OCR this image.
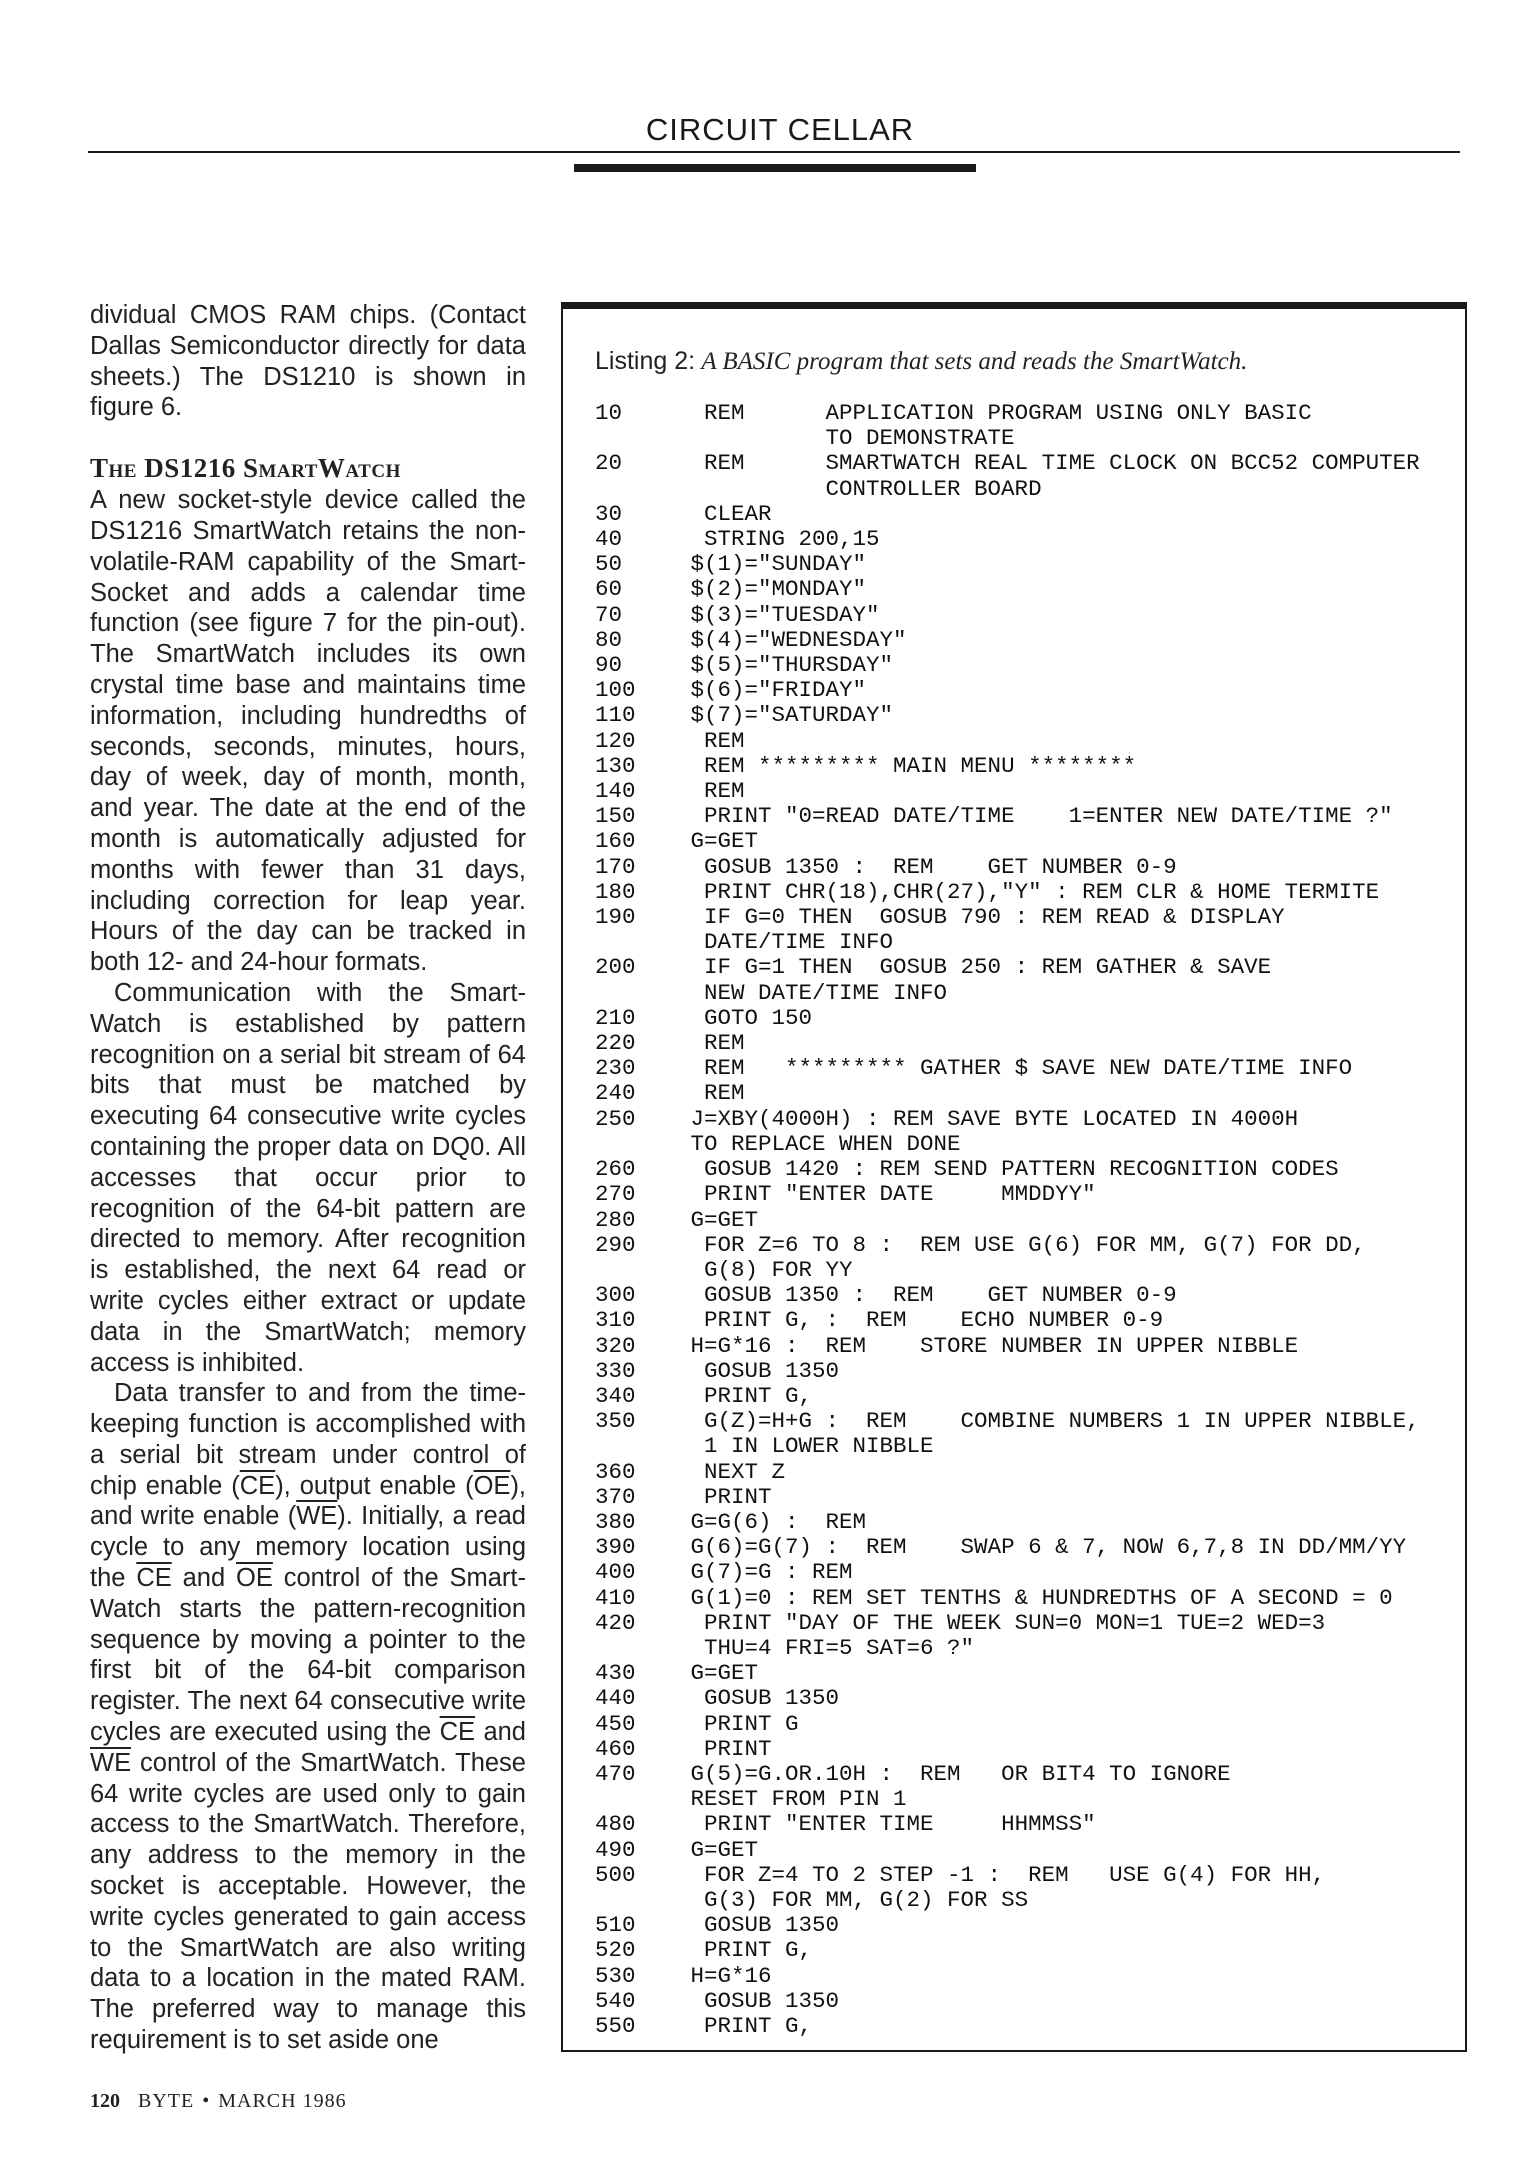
CIRCUIT CELLAR

dividual CMOS RAM chips. (Contact Dallas Semiconductor directly for data sheets.) The DS1210 is shown in figure 6.

The DS1216 SmartWatch

A new socket-style device called the DS1216 SmartWatch retains the non-volatile-RAM capability of the Smart-Socket and adds a calendar time function (see figure 7 for the pin-out). The SmartWatch includes its own crystal time base and maintains time information, including hundredths of seconds, seconds, minutes, hours, day of week, day of month, month, and year. The date at the end of the month is automatically adjusted for months with fewer than 31 days, including correction for leap year. Hours of the day can be tracked in both 12- and 24-hour formats.

Communication with the Smart-Watch is established by pattern recognition on a serial bit stream of 64 bits that must be matched by executing 64 consecutive write cycles containing the proper data on DQ0. All accesses that occur prior to recognition of the 64-bit pattern are directed to memory. After recognition is established, the next 64 read or write cycles either extract or update data in the SmartWatch; memory access is inhibited.

Data transfer to and from the time-keeping function is accomplished with a serial bit stream under control of chip enable $(\overline{CE})$, output enable $(\overline{OE})$, and write enable $(\overline{WE})$. Initially, a read cycle to any memory location using the $\overline{CE}$ and $\overline{OE}$ control of the Smart-Watch starts the pattern-recognition sequence by moving a pointer to the first bit of the 64-bit comparison register. The next 64 consecutive write cycles are executed using the $\overline{CE}$ and $\overline{WE}$ control of the SmartWatch. These 64 write cycles are used only to gain access to the SmartWatch. Therefore, any address to the memory in the socket is acceptable. However, the write cycles generated to gain access to the SmartWatch are also writing data to a location in the mated RAM. The preferred way to manage this requirement is to set aside one

Listing 2: A BASIC program that sets and reads the SmartWatch.
10	REM      APPLICATION PROGRAM USING ONLY BASIC
TO DEMONSTRATE
20	REM      SMARTWATCH REAL TIME CLOCK ON BCC52 COMPUTER
CONTROLLER BOARD
30	CLEAR
40	STRING 200,15
50	$(1)="SUNDAY"
60	$(2)="MONDAY"
70	$(3)="TUESDAY"
80	$(4)="WEDNESDAY"
90	$(5)="THURSDAY"
100	$(6)="FRIDAY"
110	$(7)="SATURDAY"
120	REM
130	REM ********* MAIN MENU ********
140	REM
150	PRINT "0=READ DATE/TIME    1=ENTER NEW DATE/TIME ?"
160	G=GET
170	GOSUB 1350 :  REM    GET NUMBER 0-9
180	PRINT CHR(18),CHR(27),"Y" : REM CLR & HOME TERMITE
190	IF G=0 THEN  GOSUB 790 : REM READ & DISPLAY
DATE/TIME INFO
200	IF G=1 THEN  GOSUB 250 : REM GATHER & SAVE
NEW DATE/TIME INFO
210	GOTO 150
220	REM
230	REM   ********* GATHER $ SAVE NEW DATE/TIME INFO
240	REM
250	J=XBY(4000H) : REM SAVE BYTE LOCATED IN 4000H
TO REPLACE WHEN DONE
260	GOSUB 1420 : REM SEND PATTERN RECOGNITION CODES
270	PRINT "ENTER DATE     MMDDYY"
280	G=GET
290	FOR Z=6 TO 8 :  REM USE G(6) FOR MM, G(7) FOR DD,
G(8) FOR YY
300	GOSUB 1350 :  REM    GET NUMBER 0-9
310	PRINT G, :  REM    ECHO NUMBER 0-9
320	H=G*16 :  REM    STORE NUMBER IN UPPER NIBBLE
330	GOSUB 1350
340	PRINT G,
350	G(Z)=H+G :  REM    COMBINE NUMBERS 1 IN UPPER NIBBLE,
1 IN LOWER NIBBLE
360	NEXT Z
370	PRINT
380	G=G(6) :  REM
390	G(6)=G(7) :  REM    SWAP 6 & 7, NOW 6,7,8 IN DD/MM/YY
400	G(7)=G : REM
410	G(1)=0 : REM SET TENTHS & HUNDREDTHS OF A SECOND = 0
420	PRINT "DAY OF THE WEEK SUN=0 MON=1 TUE=2 WED=3
THU=4 FRI=5 SAT=6 ?"
430	G=GET
440	GOSUB 1350
450	PRINT G
460	PRINT
470	G(5)=G.OR.10H :  REM   OR BIT4 TO IGNORE
RESET FROM PIN 1
480	PRINT "ENTER TIME     HHMMSS"
490	G=GET
500	FOR Z=4 TO 2 STEP -1 :  REM   USE G(4) FOR HH,
G(3) FOR MM, G(2) FOR SS
510	GOSUB 1350
520	PRINT G,
530	H=G*16
540	GOSUB 1350
550	PRINT G,
120 BYTE • MARCH 1986
